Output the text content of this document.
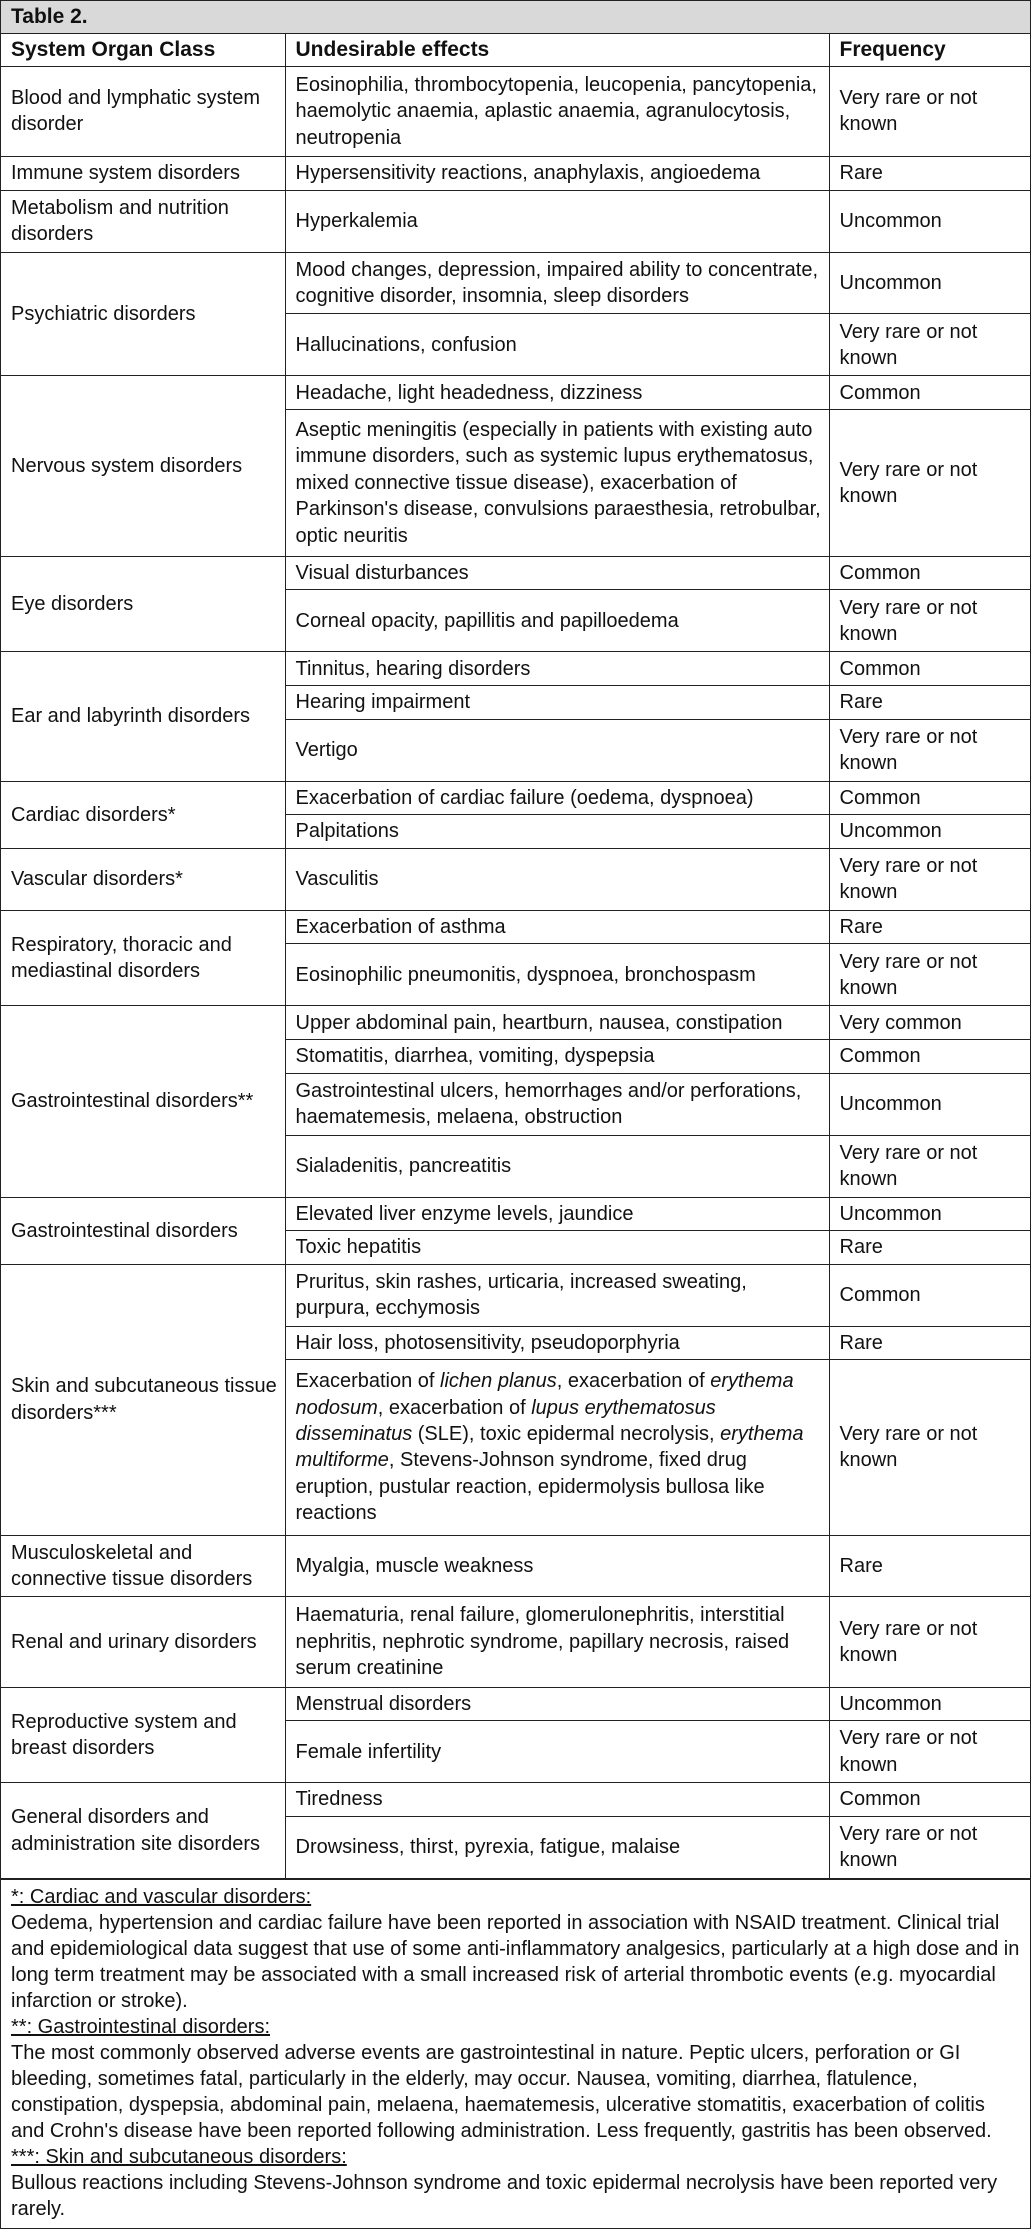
Table 2.
System Organ Class	Undesirable effects	Frequency
Blood and lymphatic system disorder	Eosinophilia, thrombocytopenia, leucopenia, pancytopenia, haemolytic anaemia, aplastic anaemia, agranulocytosis, neutropenia	Very rare or not known
Immune system disorders	Hypersensitivity reactions, anaphylaxis, angioedema	Rare
Metabolism and nutrition disorders	Hyperkalemia	Uncommon
Psychiatric disorders	Mood changes, depression, impaired ability to concentrate, cognitive disorder, insomnia, sleep disorders	Uncommon
	Hallucinations, confusion	Very rare or not known
Nervous system disorders	Headache, light headedness, dizziness	Common
	Aseptic meningitis (especially in patients with existing auto immune disorders, such as systemic lupus erythematosus, mixed connective tissue disease), exacerbation of Parkinson's disease, convulsions paraesthesia, retrobulbar, optic neuritis	Very rare or not known
Eye disorders	Visual disturbances	Common
	Corneal opacity, papillitis and papilloedema	Very rare or not known
Ear and labyrinth disorders	Tinnitus, hearing disorders	Common
	Hearing impairment	Rare
	Vertigo	Very rare or not known
Cardiac disorders*	Exacerbation of cardiac failure (oedema, dyspnoea)	Common
	Palpitations	Uncommon
Vascular disorders*	Vasculitis	Very rare or not known
Respiratory, thoracic and mediastinal disorders	Exacerbation of asthma	Rare
	Eosinophilic pneumonitis, dyspnoea, bronchospasm	Very rare or not known
Gastrointestinal disorders**	Upper abdominal pain, heartburn, nausea, constipation	Very common
	Stomatitis, diarrhea, vomiting, dyspepsia	Common
	Gastrointestinal ulcers, hemorrhages and/or perforations, haematemesis, melaena, obstruction	Uncommon
	Sialadenitis, pancreatitis	Very rare or not known
Gastrointestinal disorders	Elevated liver enzyme levels, jaundice	Uncommon
	Toxic hepatitis	Rare
Skin and subcutaneous tissue disorders***	Pruritus, skin rashes, urticaria, increased sweating, purpura, ecchymosis	Common
	Hair loss, photosensitivity, pseudoporphyria	Rare
	Exacerbation of lichen planus, exacerbation of erythema nodosum, exacerbation of lupus erythematosus disseminatus (SLE), toxic epidermal necrolysis, erythema multiforme, Stevens-Johnson syndrome, fixed drug eruption, pustular reaction, epidermolysis bullosa like reactions	Very rare or not known
Musculoskeletal and connective tissue disorders	Myalgia, muscle weakness	Rare
Renal and urinary disorders	Haematuria, renal failure, glomerulonephritis, interstitial nephritis, nephrotic syndrome, papillary necrosis, raised serum creatinine	Very rare or not known
Reproductive system and breast disorders	Menstrual disorders	Uncommon
	Female infertility	Very rare or not known
General disorders and administration site disorders	Tiredness	Common
	Drowsiness, thirst, pyrexia, fatigue, malaise	Very rare or not known
*: Cardiac and vascular disorders:
Oedema, hypertension and cardiac failure have been reported in association with NSAID treatment. Clinical trial and epidemiological data suggest that use of some anti-inflammatory analgesics, particularly at a high dose and in long term treatment may be associated with a small increased risk of arterial thrombotic events (e.g. myocardial infarction or stroke).
**: Gastrointestinal disorders:
The most commonly observed adverse events are gastrointestinal in nature. Peptic ulcers, perforation or GI bleeding, sometimes fatal, particularly in the elderly, may occur. Nausea, vomiting, diarrhea, flatulence, constipation, dyspepsia, abdominal pain, melaena, haematemesis, ulcerative stomatitis, exacerbation of colitis and Crohn's disease have been reported following administration. Less frequently, gastritis has been observed.
***: Skin and subcutaneous disorders:
Bullous reactions including Stevens-Johnson syndrome and toxic epidermal necrolysis have been reported very rarely.
